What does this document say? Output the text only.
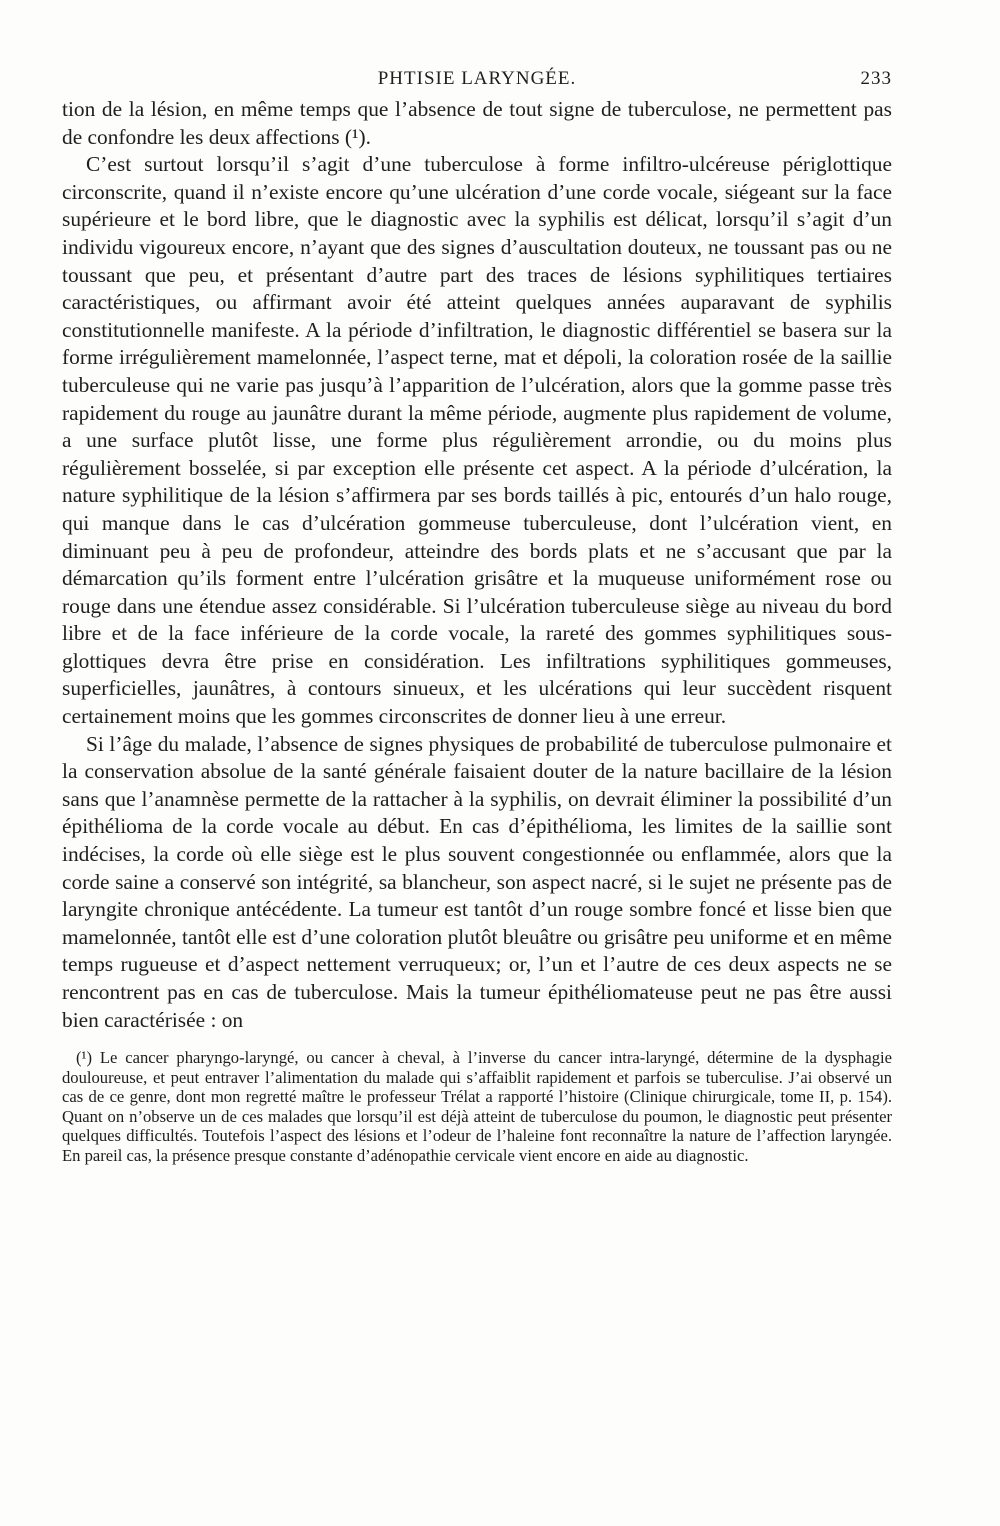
PHTISIE LARYNGÉE.	233

tion de la lésion, en même temps que l’absence de tout signe de tuberculose, ne permettent pas de confondre les deux affections (¹).

C’est surtout lorsqu’il s’agit d’une tuberculose à forme infiltro-ulcéreuse périglottique circonscrite, quand il n’existe encore qu’une ulcération d’une corde vocale, siégeant sur la face supérieure et le bord libre, que le diagnostic avec la syphilis est délicat, lorsqu’il s’agit d’un individu vigoureux encore, n’ayant que des signes d’auscultation douteux, ne toussant pas ou ne toussant que peu, et présentant d’autre part des traces de lésions syphilitiques tertiaires caractéristiques, ou affirmant avoir été atteint quelques années auparavant de syphilis constitutionnelle manifeste. A la période d’infiltration, le diagnostic différentiel se basera sur la forme irrégulièrement mamelonnée, l’aspect terne, mat et dépoli, la coloration rosée de la saillie tuberculeuse qui ne varie pas jusqu’à l’apparition de l’ulcération, alors que la gomme passe très rapidement du rouge au jaunâtre durant la même période, augmente plus rapidement de volume, a une surface plutôt lisse, une forme plus régulièrement arrondie, ou du moins plus régulièrement bosselée, si par exception elle présente cet aspect. A la période d’ulcération, la nature syphilitique de la lésion s’affirmera par ses bords taillés à pic, entourés d’un halo rouge, qui manque dans le cas d’ulcération gommeuse tuberculeuse, dont l’ulcération vient, en diminuant peu à peu de profondeur, atteindre des bords plats et ne s’accusant que par la démarcation qu’ils forment entre l’ulcération grisâtre et la muqueuse uniformément rose ou rouge dans une étendue assez considérable. Si l’ulcération tuberculeuse siège au niveau du bord libre et de la face inférieure de la corde vocale, la rareté des gommes syphilitiques sous-glottiques devra être prise en considération. Les infiltrations syphilitiques gommeuses, superficielles, jaunâtres, à contours sinueux, et les ulcérations qui leur succèdent risquent certainement moins que les gommes circonscrites de donner lieu à une erreur.

Si l’âge du malade, l’absence de signes physiques de probabilité de tuberculose pulmonaire et la conservation absolue de la santé générale faisaient douter de la nature bacillaire de la lésion sans que l’anamnèse permette de la rattacher à la syphilis, on devrait éliminer la possibilité d’un épithélioma de la corde vocale au début. En cas d’épithélioma, les limites de la saillie sont indécises, la corde où elle siège est le plus souvent congestionnée ou enflammée, alors que la corde saine a conservé son intégrité, sa blancheur, son aspect nacré, si le sujet ne présente pas de laryngite chronique antécédente. La tumeur est tantôt d’un rouge sombre foncé et lisse bien que mamelonnée, tantôt elle est d’une coloration plutôt bleuâtre ou grisâtre peu uniforme et en même temps rugueuse et d’aspect nettement verruqueux; or, l’un et l’autre de ces deux aspects ne se rencontrent pas en cas de tuberculose. Mais la tumeur épithéliomateuse peut ne pas être aussi bien caractérisée : on

(¹) Le cancer pharyngo-laryngé, ou cancer à cheval, à l’inverse du cancer intra-laryngé, détermine de la dysphagie douloureuse, et peut entraver l’alimentation du malade qui s’affaiblit rapidement et parfois se tuberculise. J’ai observé un cas de ce genre, dont mon regretté maître le professeur Trélat a rapporté l’histoire (Clinique chirurgicale, tome II, p. 154). Quant on n’observe un de ces malades que lorsqu’il est déjà atteint de tuberculose du poumon, le diagnostic peut présenter quelques difficultés. Toutefois l’aspect des lésions et l’odeur de l’haleine font reconnaître la nature de l’affection laryngée. En pareil cas, la présence presque constante d’adénopathie cervicale vient encore en aide au diagnostic.
